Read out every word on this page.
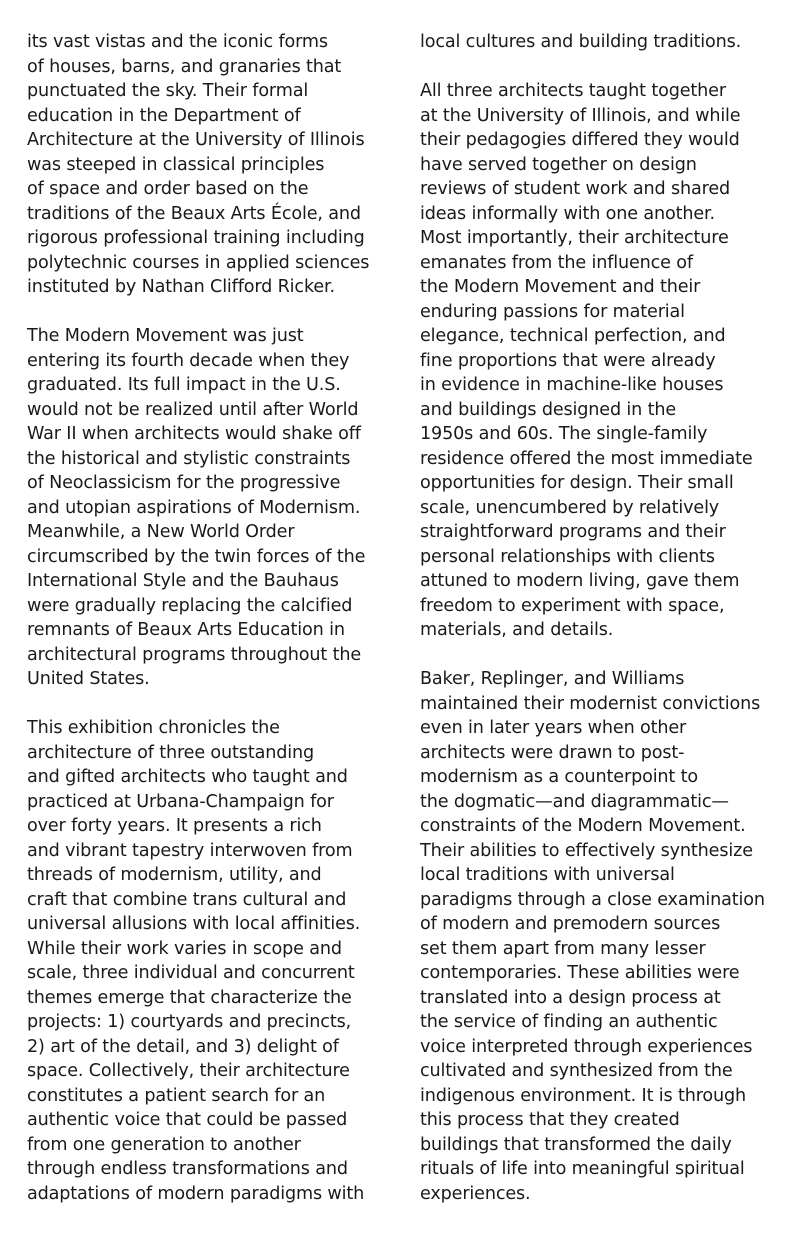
its vast vistas and the iconic forms
of houses, barns, and granaries that
punctuated the sky. Their formal
education in the Department of
Architecture at the University of Illinois
was steeped in classical principles
of space and order based on the
traditions of the Beaux Arts École, and
rigorous professional training including
polytechnic courses in applied sciences
instituted by Nathan Clifford Ricker.

The Modern Movement was just
entering its fourth decade when they
graduated. Its full impact in the U.S.
would not be realized until after World
War II when architects would shake off
the historical and stylistic constraints
of Neoclassicism for the progressive
and utopian aspirations of Modernism.
Meanwhile, a New World Order
circumscribed by the twin forces of the
International Style and the Bauhaus
were gradually replacing the calcified
remnants of Beaux Arts Education in
architectural programs throughout the
United States.

This exhibition chronicles the
architecture of three outstanding
and gifted architects who taught and
practiced at Urbana-Champaign for
over forty years. It presents a rich
and vibrant tapestry interwoven from
threads of modernism, utility, and
craft that combine trans cultural and
universal allusions with local affinities.
While their work varies in scope and
scale, three individual and concurrent
themes emerge that characterize the
projects: 1) courtyards and precincts,
2) art of the detail, and 3) delight of
space. Collectively, their architecture
constitutes a patient search for an
authentic voice that could be passed
from one generation to another
through endless transformations and
adaptations of modern paradigms with

local cultures and building traditions.

All three architects taught together
at the University of Illinois, and while
their pedagogies differed they would
have served together on design
reviews of student work and shared
ideas informally with one another.
Most importantly, their architecture
emanates from the influence of
the Modern Movement and their
enduring passions for material
elegance, technical perfection, and
fine proportions that were already
in evidence in machine-like houses
and buildings designed in the
1950s and 60s. The single-family
residence offered the most immediate
opportunities for design. Their small
scale, unencumbered by relatively
straightforward programs and their
personal relationships with clients
attuned to modern living, gave them
freedom to experiment with space,
materials, and details.

Baker, Replinger, and Williams
maintained their modernist convictions
even in later years when other
architects were drawn to post-
modernism as a counterpoint to
the dogmatic—and diagrammatic—
constraints of the Modern Movement.
Their abilities to effectively synthesize
local traditions with universal
paradigms through a close examination
of modern and premodern sources
set them apart from many lesser
contemporaries. These abilities were
translated into a design process at
the service of finding an authentic
voice interpreted through experiences
cultivated and synthesized from the
indigenous environment. It is through
this process that they created
buildings that transformed the daily
rituals of life into meaningful spiritual
experiences.
